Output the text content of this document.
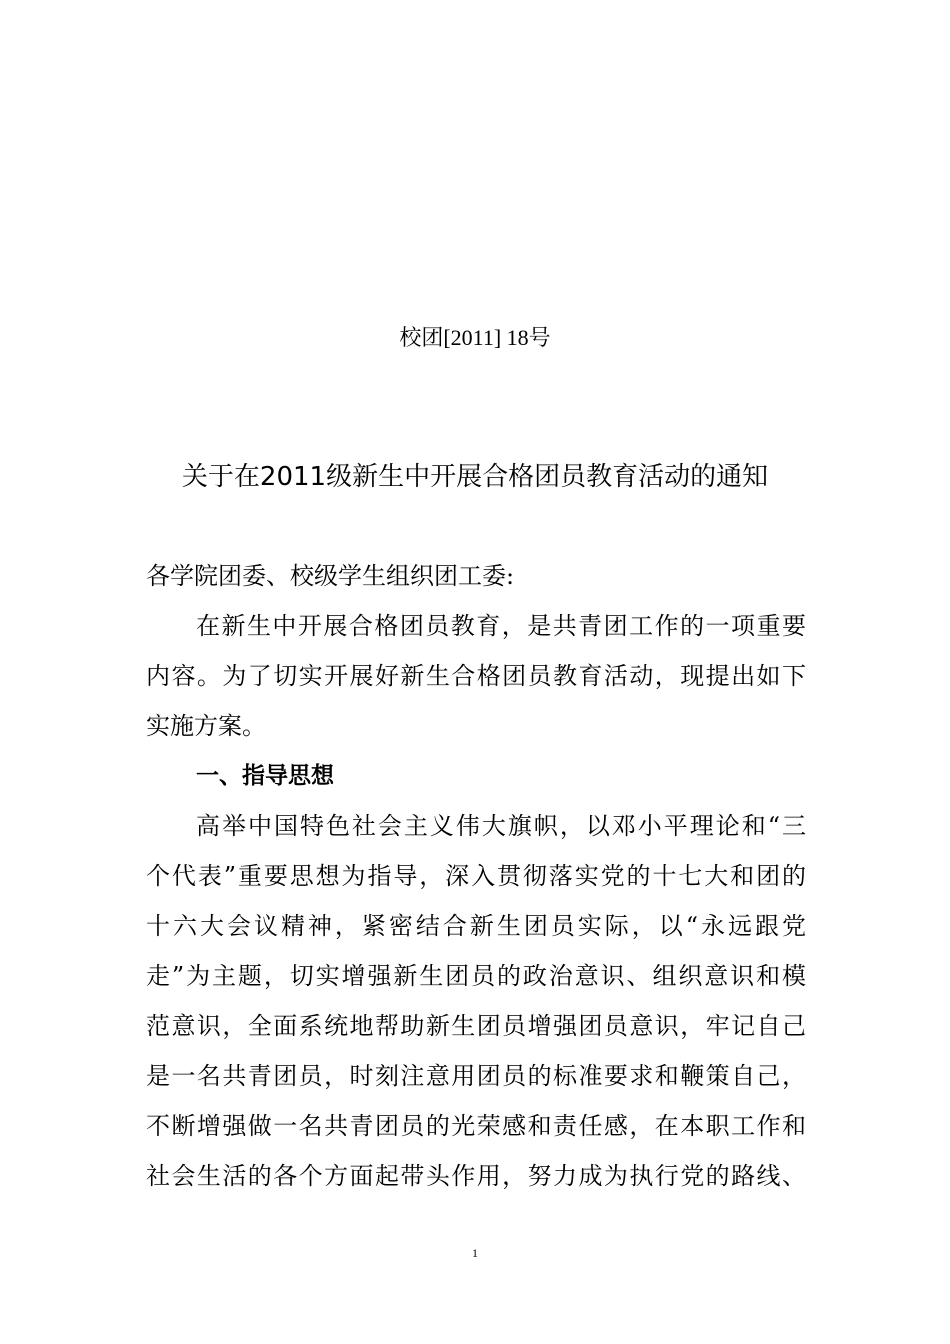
校团[2011] 18号
关于在2011级新生中开展合格团员教育活动的通知
各学院团委、校级学生组织团工委:
在新生中开展合格团员教育，是共青团工作的一项重要
内容。为了切实开展好新生合格团员教育活动，现提出如下
实施方案。
一、指导思想
高举中国特色社会主义伟大旗帜，以邓小平理论和“三
个代表”重要思想为指导，深入贯彻落实党的十七大和团的
十六大会议精神，紧密结合新生团员实际，以“永远跟党
走”为主题，切实增强新生团员的政治意识、组织意识和模
范意识，全面系统地帮助新生团员增强团员意识，牢记自己
是一名共青团员，时刻注意用团员的标准要求和鞭策自己，
不断增强做一名共青团员的光荣感和责任感，在本职工作和
社会生活的各个方面起带头作用，努力成为执行党的路线、
1
